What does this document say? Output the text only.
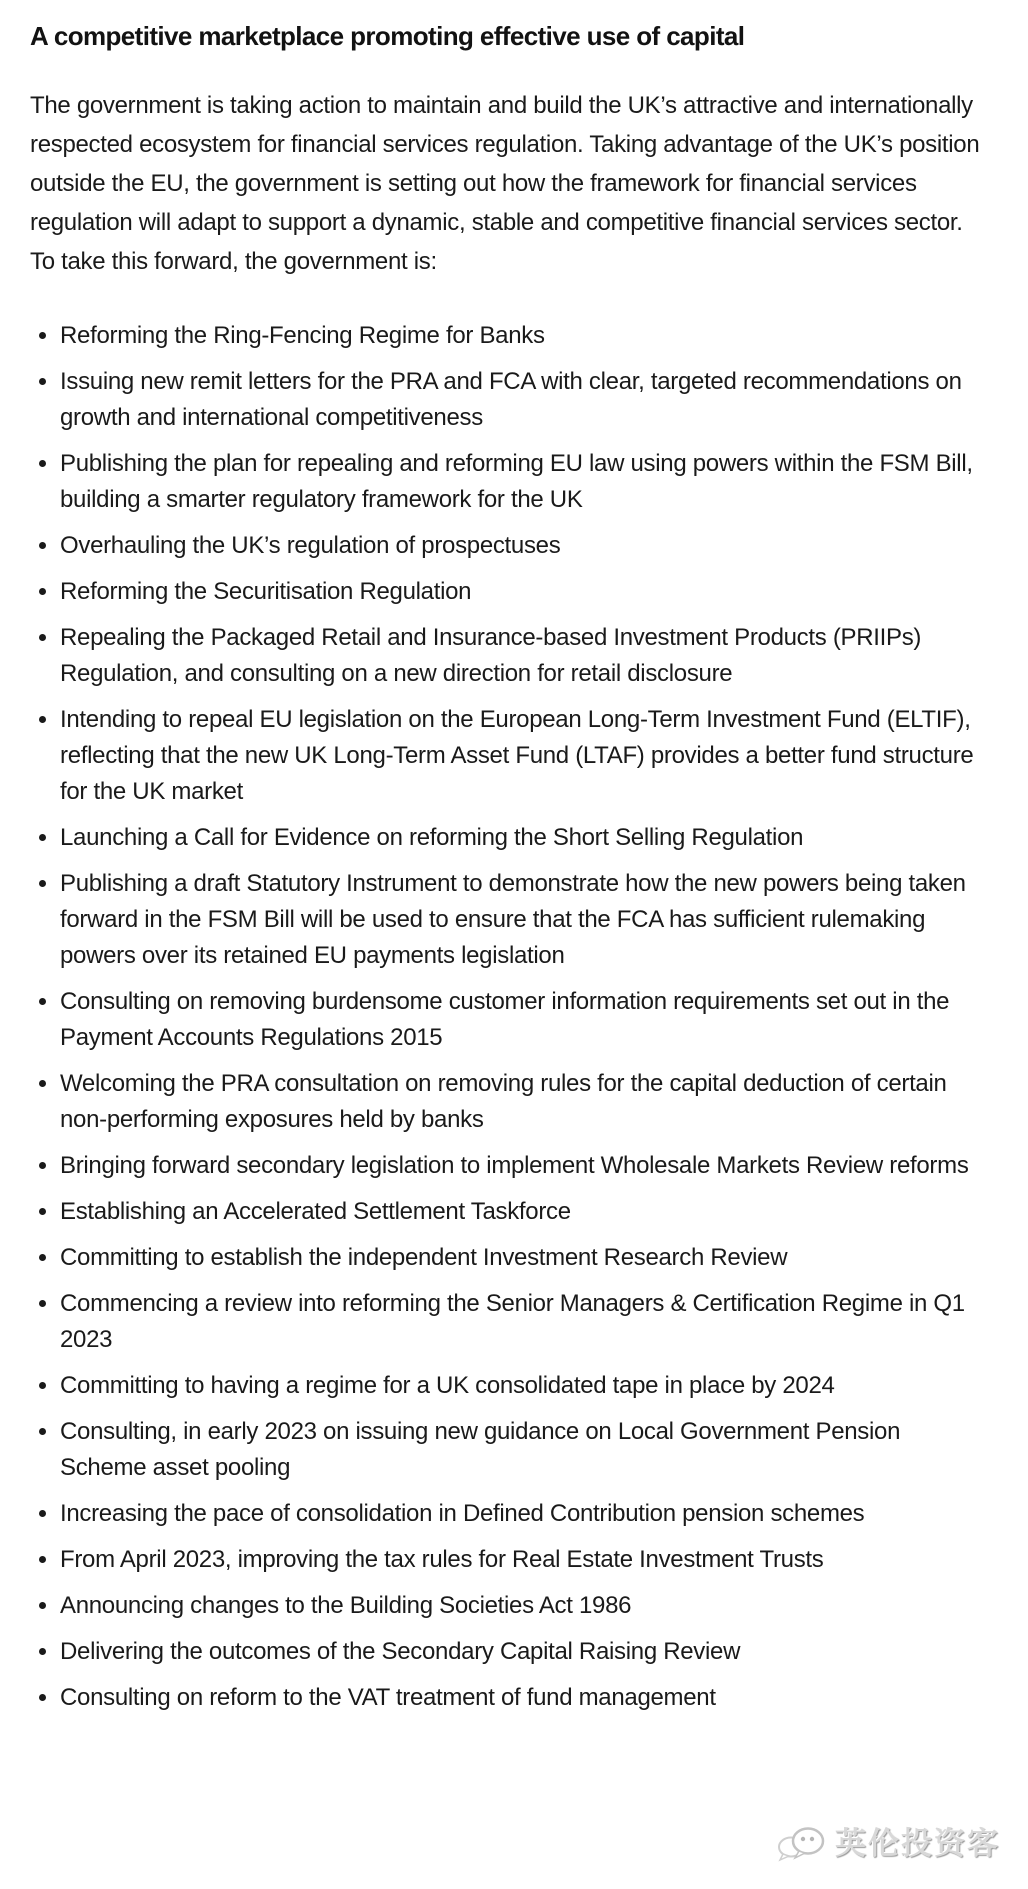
A competitive marketplace promoting effective use of capital

The government is taking action to maintain and build the UK’s attractive and internationally respected ecosystem for financial services regulation. Taking advantage of the UK’s position outside the EU, the government is setting out how the framework for financial services regulation will adapt to support a dynamic, stable and competitive financial services sector. To take this forward, the government is:

Reforming the Ring-Fencing Regime for Banks
Issuing new remit letters for the PRA and FCA with clear, targeted recommendations on growth and international competitiveness
Publishing the plan for repealing and reforming EU law using powers within the FSM Bill, building a smarter regulatory framework for the UK
Overhauling the UK’s regulation of prospectuses
Reforming the Securitisation Regulation
Repealing the Packaged Retail and Insurance-based Investment Products (PRIIPs) Regulation, and consulting on a new direction for retail disclosure
Intending to repeal EU legislation on the European Long-Term Investment Fund (ELTIF), reflecting that the new UK Long-Term Asset Fund (LTAF) provides a better fund structure for the UK market
Launching a Call for Evidence on reforming the Short Selling Regulation
Publishing a draft Statutory Instrument to demonstrate how the new powers being taken forward in the FSM Bill will be used to ensure that the FCA has sufficient rulemaking powers over its retained EU payments legislation
Consulting on removing burdensome customer information requirements set out in the Payment Accounts Regulations 2015
Welcoming the PRA consultation on removing rules for the capital deduction of certain non-performing exposures held by banks
Bringing forward secondary legislation to implement Wholesale Markets Review reforms
Establishing an Accelerated Settlement Taskforce
Committing to establish the independent Investment Research Review
Commencing a review into reforming the Senior Managers & Certification Regime in Q1 2023
Committing to having a regime for a UK consolidated tape in place by 2024
Consulting, in early 2023 on issuing new guidance on Local Government Pension Scheme asset pooling
Increasing the pace of consolidation in Defined Contribution pension schemes
From April 2023, improving the tax rules for Real Estate Investment Trusts
Announcing changes to the Building Societies Act 1986
Delivering the outcomes of the Secondary Capital Raising Review
Consulting on reform to the VAT treatment of fund management
英伦投资客
